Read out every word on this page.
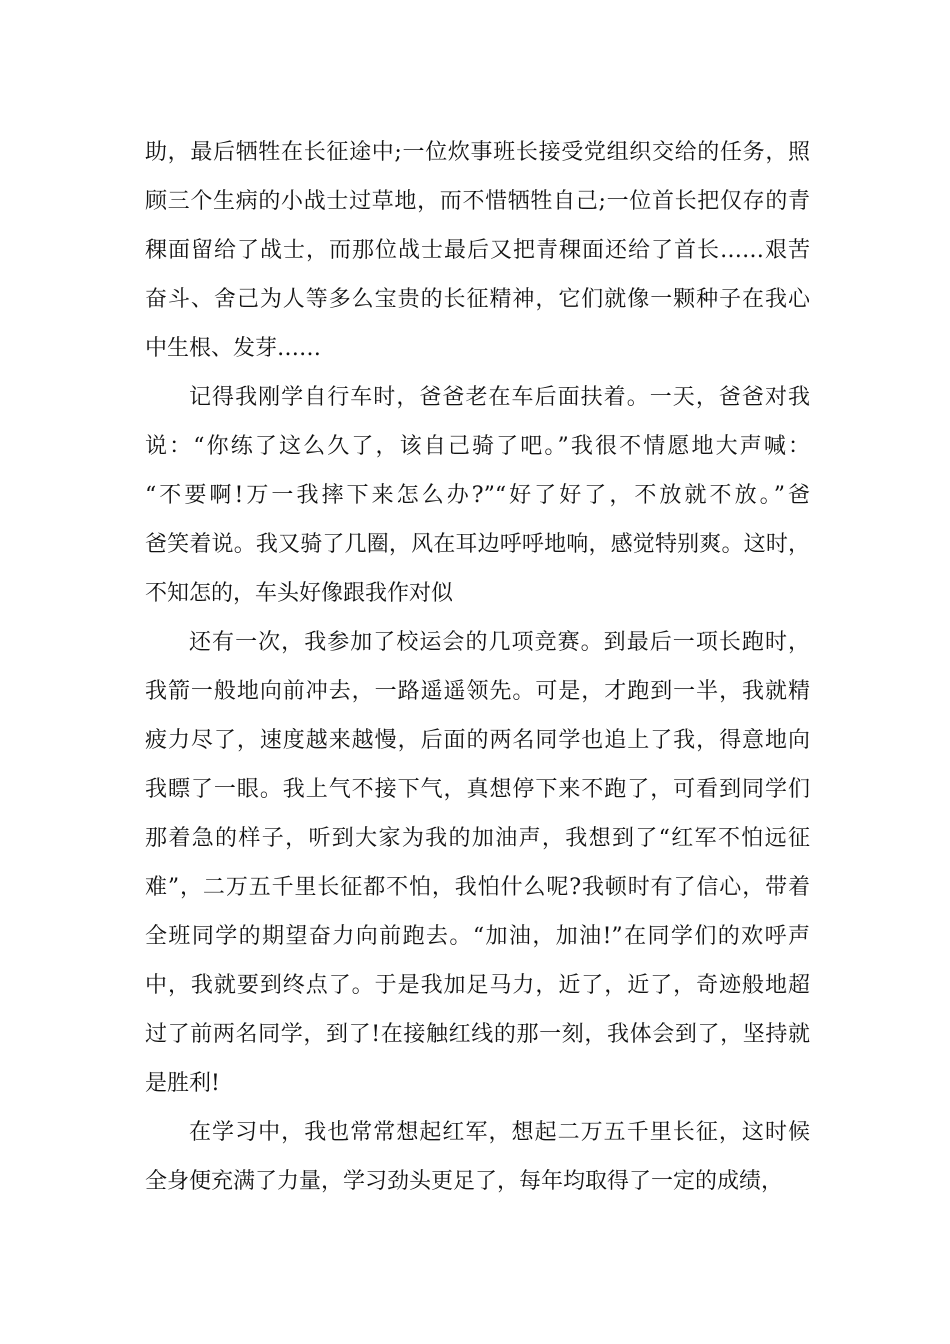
助，最后牺牲在长征途中;一位炊事班长接受党组织交给的任务，照
顾三个生病的小战士过草地，而不惜牺牲自己;一位首长把仅存的青
稞面留给了战士，而那位战士最后又把青稞面还给了首长……艰苦
奋斗、舍己为人等多么宝贵的长征精神，它们就像一颗种子在我心
中生根、发芽……
记得我刚学自行车时，爸爸老在车后面扶着。一天，爸爸对我
说：“你练了这么久了，该自己骑了吧。”我很不情愿地大声喊：
“不要啊!万一我摔下来怎么办?”“好了好了，不放就不放。”爸
爸笑着说。我又骑了几圈，风在耳边呼呼地响，感觉特别爽。这时，
不知怎的，车头好像跟我作对似
还有一次，我参加了校运会的几项竞赛。到最后一项长跑时，
我箭一般地向前冲去，一路遥遥领先。可是，才跑到一半，我就精
疲力尽了，速度越来越慢，后面的两名同学也追上了我，得意地向
我瞟了一眼。我上气不接下气，真想停下来不跑了，可看到同学们
那着急的样子，听到大家为我的加油声，我想到了“红军不怕远征
难”，二万五千里长征都不怕，我怕什么呢?我顿时有了信心，带着
全班同学的期望奋力向前跑去。“加油，加油!”在同学们的欢呼声
中，我就要到终点了。于是我加足马力，近了，近了，奇迹般地超
过了前两名同学，到了!在接触红线的那一刻，我体会到了，坚持就
是胜利!
在学习中，我也常常想起红军，想起二万五千里长征，这时候
全身便充满了力量，学习劲头更足了，每年均取得了一定的成绩，
